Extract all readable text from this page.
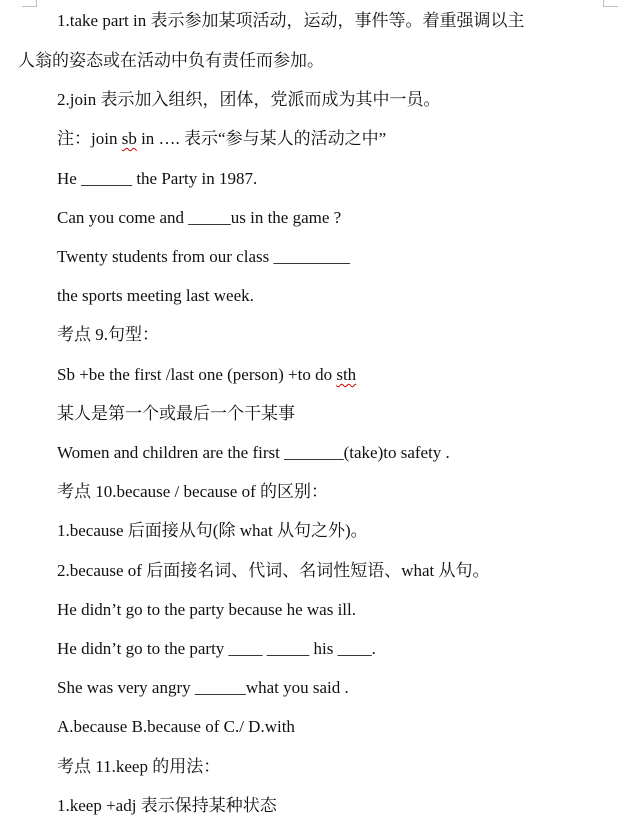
1.take part in 表示参加某项活动，运动，事件等。着重强调以主
人翁的姿态或在活动中负有责任而参加。
2.join 表示加入组织，团体，党派而成为其中一员。
注：join sb in …. 表示“参与某人的活动之中”
He ______ the Party in 1987.
Can you come and _____us in the game ?
Twenty students from our class _________
the sports meeting last week.
考点 9.句型：
Sb +be the first /last one (person) +to do sth
某人是第一个或最后一个干某事
Women and children are the first _______(take)to safety .
考点 10.because / because of 的区别：
1.because 后面接从句(除 what 从句之外)。
2.because of 后面接名词、代词、名词性短语、what 从句。
He didn’t go to the party because he was ill.
He didn’t go to the party ____ _____ his ____.
She was very angry ______what you said .
A.because B.because of C./ D.with
考点 11.keep 的用法：
1.keep +adj 表示保持某种状态
